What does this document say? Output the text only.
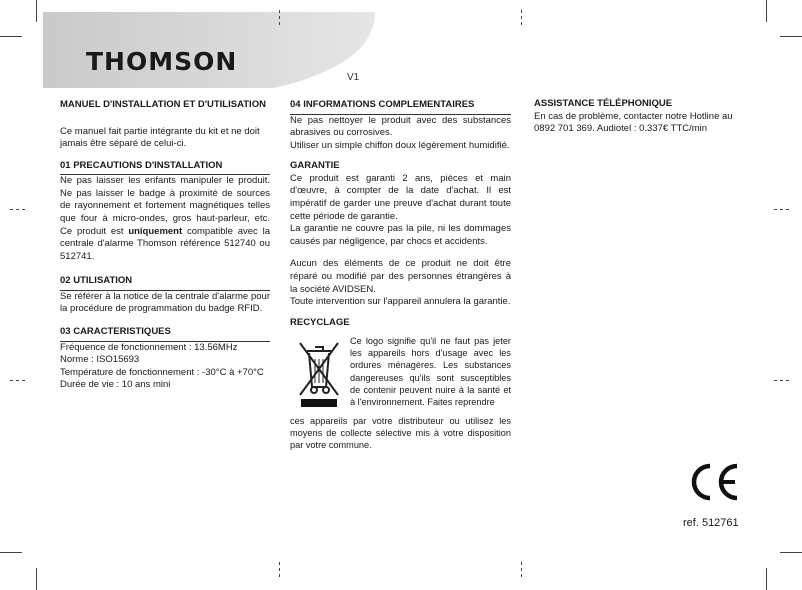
THOMSON
V1

MANUEL D'INSTALLATION ET D'UTILISATION

Ce manuel fait partie intégrante du kit et ne doit jamais être séparé de celui-ci.

01 PRECAUTIONS D'INSTALLATION

Ne pas laisser les enfants manipuler le produit. Ne pas laisser le badge à proximité de sources de rayonnement et fortement magnétiques telles que four à micro-ondes, gros haut-parleur, etc. Ce produit est uniquement compatible avec la centrale d'alarme Thomson référence 512740 ou 512741.

02 UTILISATION

Se référer à la notice de la centrale d'alarme pour la procédure de programmation du badge RFID.

03 CARACTERISTIQUES

Fréquence de fonctionnement : 13.56MHz

Norme : ISO15693

Température de fonctionnement : -30°C à +70°C

Durée de vie : 10 ans mini

04 INFORMATIONS COMPLEMENTAIRES

Ne pas nettoyer le produit avec des substances abrasives ou corrosives.

Utiliser un simple chiffon doux légèrement humidifié.

GARANTIE

Ce produit est garanti 2 ans, pièces et main d'œuvre, à compter de la date d'achat. Il est impératif de garder une preuve d'achat durant toute cette période de garantie.

La garantie ne couvre pas la pile, ni les dommages causés par négligence, par chocs et accidents.

Aucun des éléments de ce produit ne doit être réparé ou modifié par des personnes étrangères à la société AVIDSEN.

Toute intervention sur l'appareil annulera la garantie.

RECYCLAGE

Ce logo signifie qu'il ne faut pas jeter les appareils hors d'usage avec les ordures ménagères. Les substances dangereuses qu'ils sont susceptibles de contenir peuvent nuire à la santé et à l'environnement. Faites reprendre

ces appareils par votre distributeur ou utilisez les moyens de collecte sélective mis à votre disposition par votre commune.

ASSISTANCE TÉLÉPHONIQUE

En cas de problème, contacter notre Hotline au 0892 701 369. Audiotel : 0.337€ TTC/min

ref. 512761
